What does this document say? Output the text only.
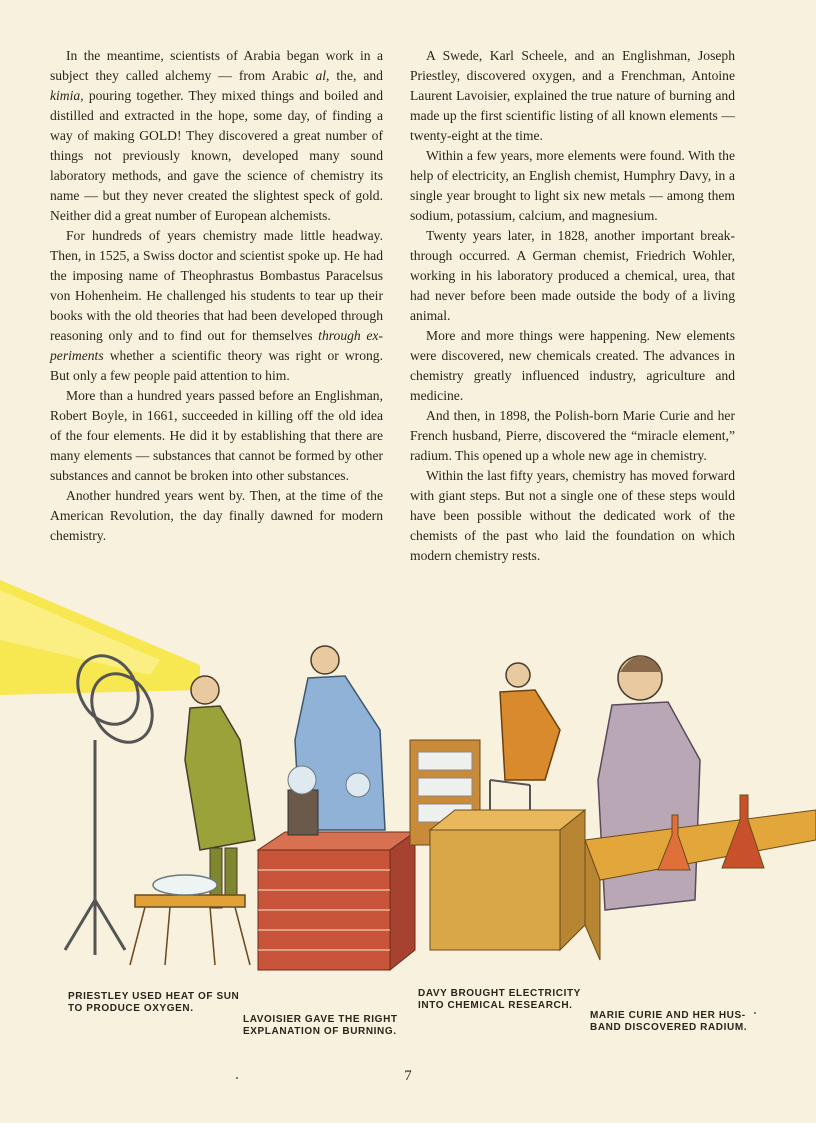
In the meantime, scientists of Arabia began work in a subject they called alchemy — from Arabic al, the, and kimia, pouring together. They mixed things and boiled and distilled and extracted in the hope, some day, of finding a way of making GOLD! They discovered a great number of things not previously known, developed many sound laboratory methods, and gave the science of chemistry its name — but they never created the slightest speck of gold. Neither did a great number of European alchemists.

For hundreds of years chemistry made little headway. Then, in 1525, a Swiss doctor and scientist spoke up. He had the imposing name of Theophrastus Bombastus Paracelsus von Hohenheim. He challenged his students to tear up their books with the old theories that had been developed through reasoning only and to find out for themselves through experiments whether a scientific theory was right or wrong. But only a few people paid attention to him.

More than a hundred years passed before an Englishman, Robert Boyle, in 1661, succeeded in killing off the old idea of the four elements. He did it by establishing that there are many elements — substances that cannot be formed by other substances and cannot be broken into other substances.

Another hundred years went by. Then, at the time of the American Revolution, the day finally dawned for modern chemistry.

A Swede, Karl Scheele, and an Englishman, Joseph Priestley, discovered oxygen, and a Frenchman, Antoine Laurent Lavoisier, explained the true nature of burning and made up the first scientific listing of all known elements — twenty-eight at the time.

Within a few years, more elements were found. With the help of electricity, an English chemist, Humphry Davy, in a single year brought to light six new metals — among them sodium, potassium, calcium, and magnesium.

Twenty years later, in 1828, another important break-through occurred. A German chemist, Friedrich Wohler, working in his laboratory produced a chemical, urea, that had never before been made outside the body of a living animal.

More and more things were happening. New elements were discovered, new chemicals created. The advances in chemistry greatly influenced industry, agriculture and medicine.

And then, in 1898, the Polish-born Marie Curie and her French husband, Pierre, discovered the “miracle element,” radium. This opened up a whole new age in chemistry.

Within the last fifty years, chemistry has moved forward with giant steps. But not a single one of these steps would have been possible without the dedicated work of the chemists of the past who laid the foundation on which modern chemistry rests.

PRIESTLEY USED HEAT OF SUN TO PRODUCE OXYGEN.
LAVOISIER GAVE THE RIGHT EXPLANATION OF BURNING.
DAVY BROUGHT ELECTRICITY INTO CHEMICAL RESEARCH.
MARIE CURIE AND HER HUSBAND DISCOVERED RADIUM.
7
